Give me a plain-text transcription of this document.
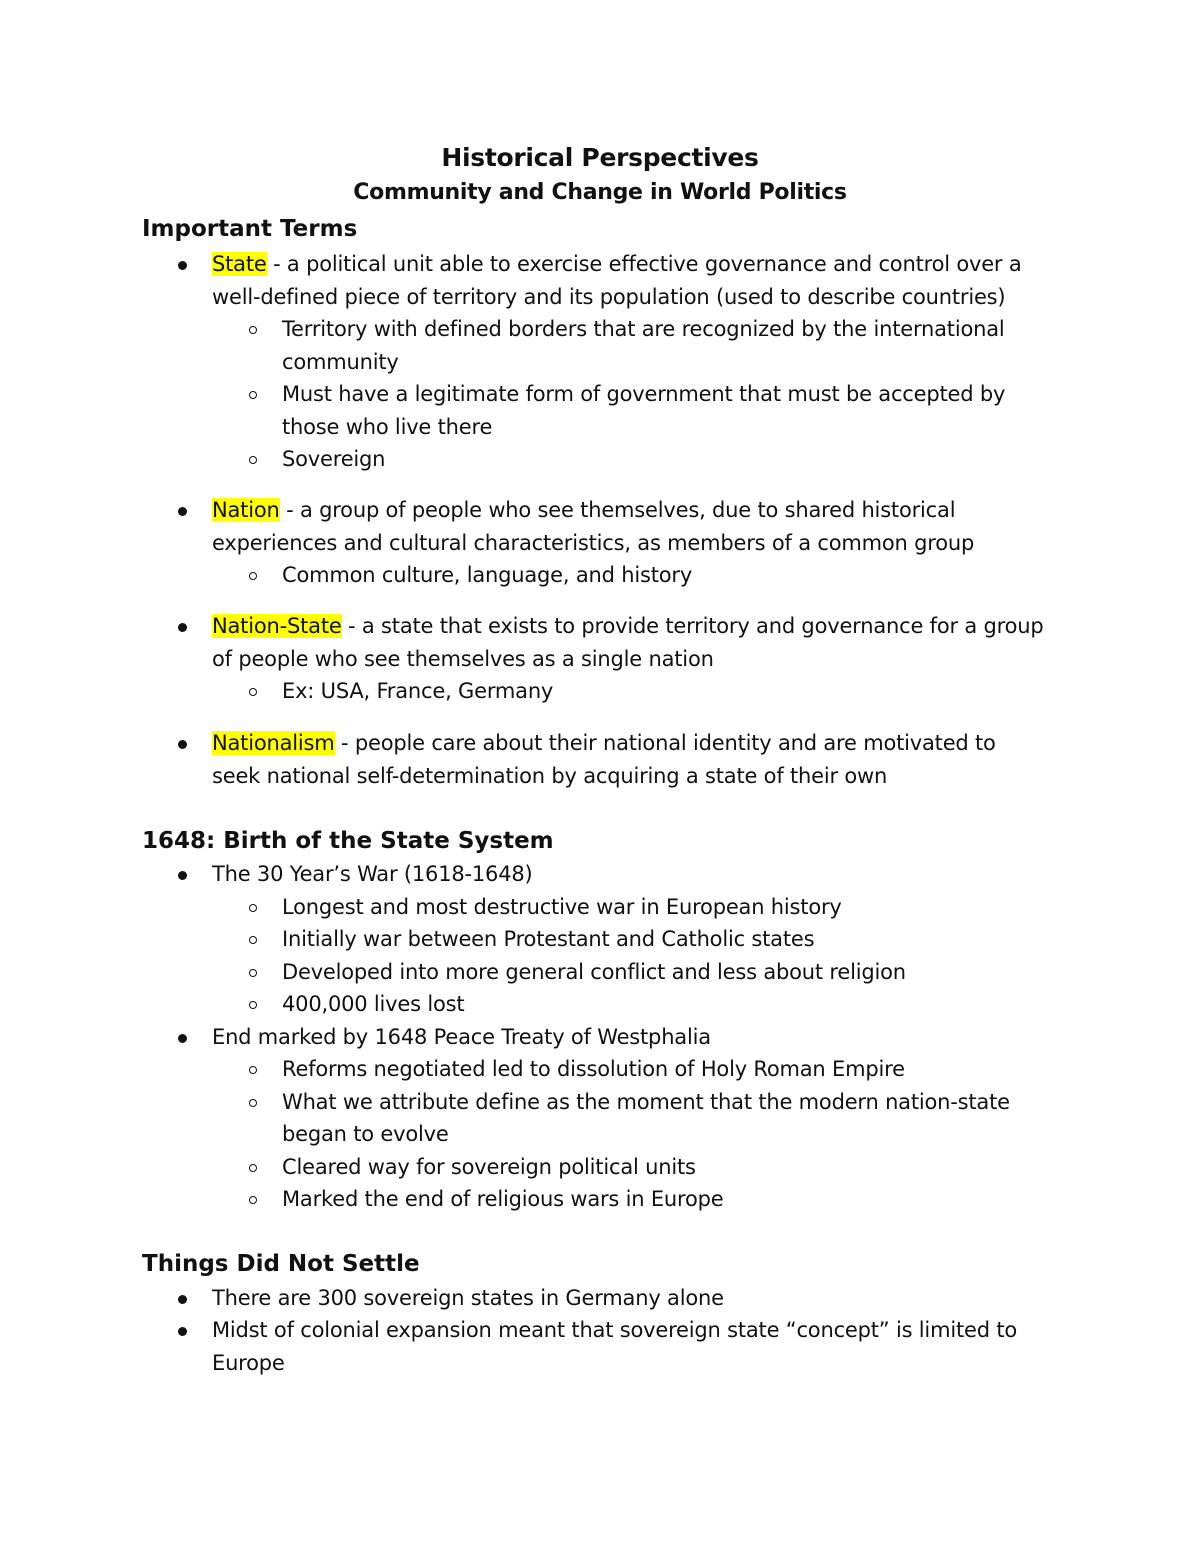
Historical Perspectives
Community and Change in World Politics
Important Terms
State - a political unit able to exercise effective governance and control over a
well-defined piece of territory and its population (used to describe countries)
Territory with defined borders that are recognized by the international
community
Must have a legitimate form of government that must be accepted by
those who live there
Sovereign
Nation - a group of people who see themselves, due to shared historical
experiences and cultural characteristics, as members of a common group
Common culture, language, and history
Nation-State - a state that exists to provide territory and governance for a group
of people who see themselves as a single nation
Ex: USA, France, Germany
Nationalism - people care about their national identity and are motivated to
seek national self-determination by acquiring a state of their own
1648: Birth of the State System
The 30 Year’s War (1618-1648)
Longest and most destructive war in European history
Initially war between Protestant and Catholic states
Developed into more general conflict and less about religion
400,000 lives lost
End marked by 1648 Peace Treaty of Westphalia
Reforms negotiated led to dissolution of Holy Roman Empire
What we attribute define as the moment that the modern nation-state
began to evolve
Cleared way for sovereign political units
Marked the end of religious wars in Europe
Things Did Not Settle
There are 300 sovereign states in Germany alone
Midst of colonial expansion meant that sovereign state “concept” is limited to
Europe
